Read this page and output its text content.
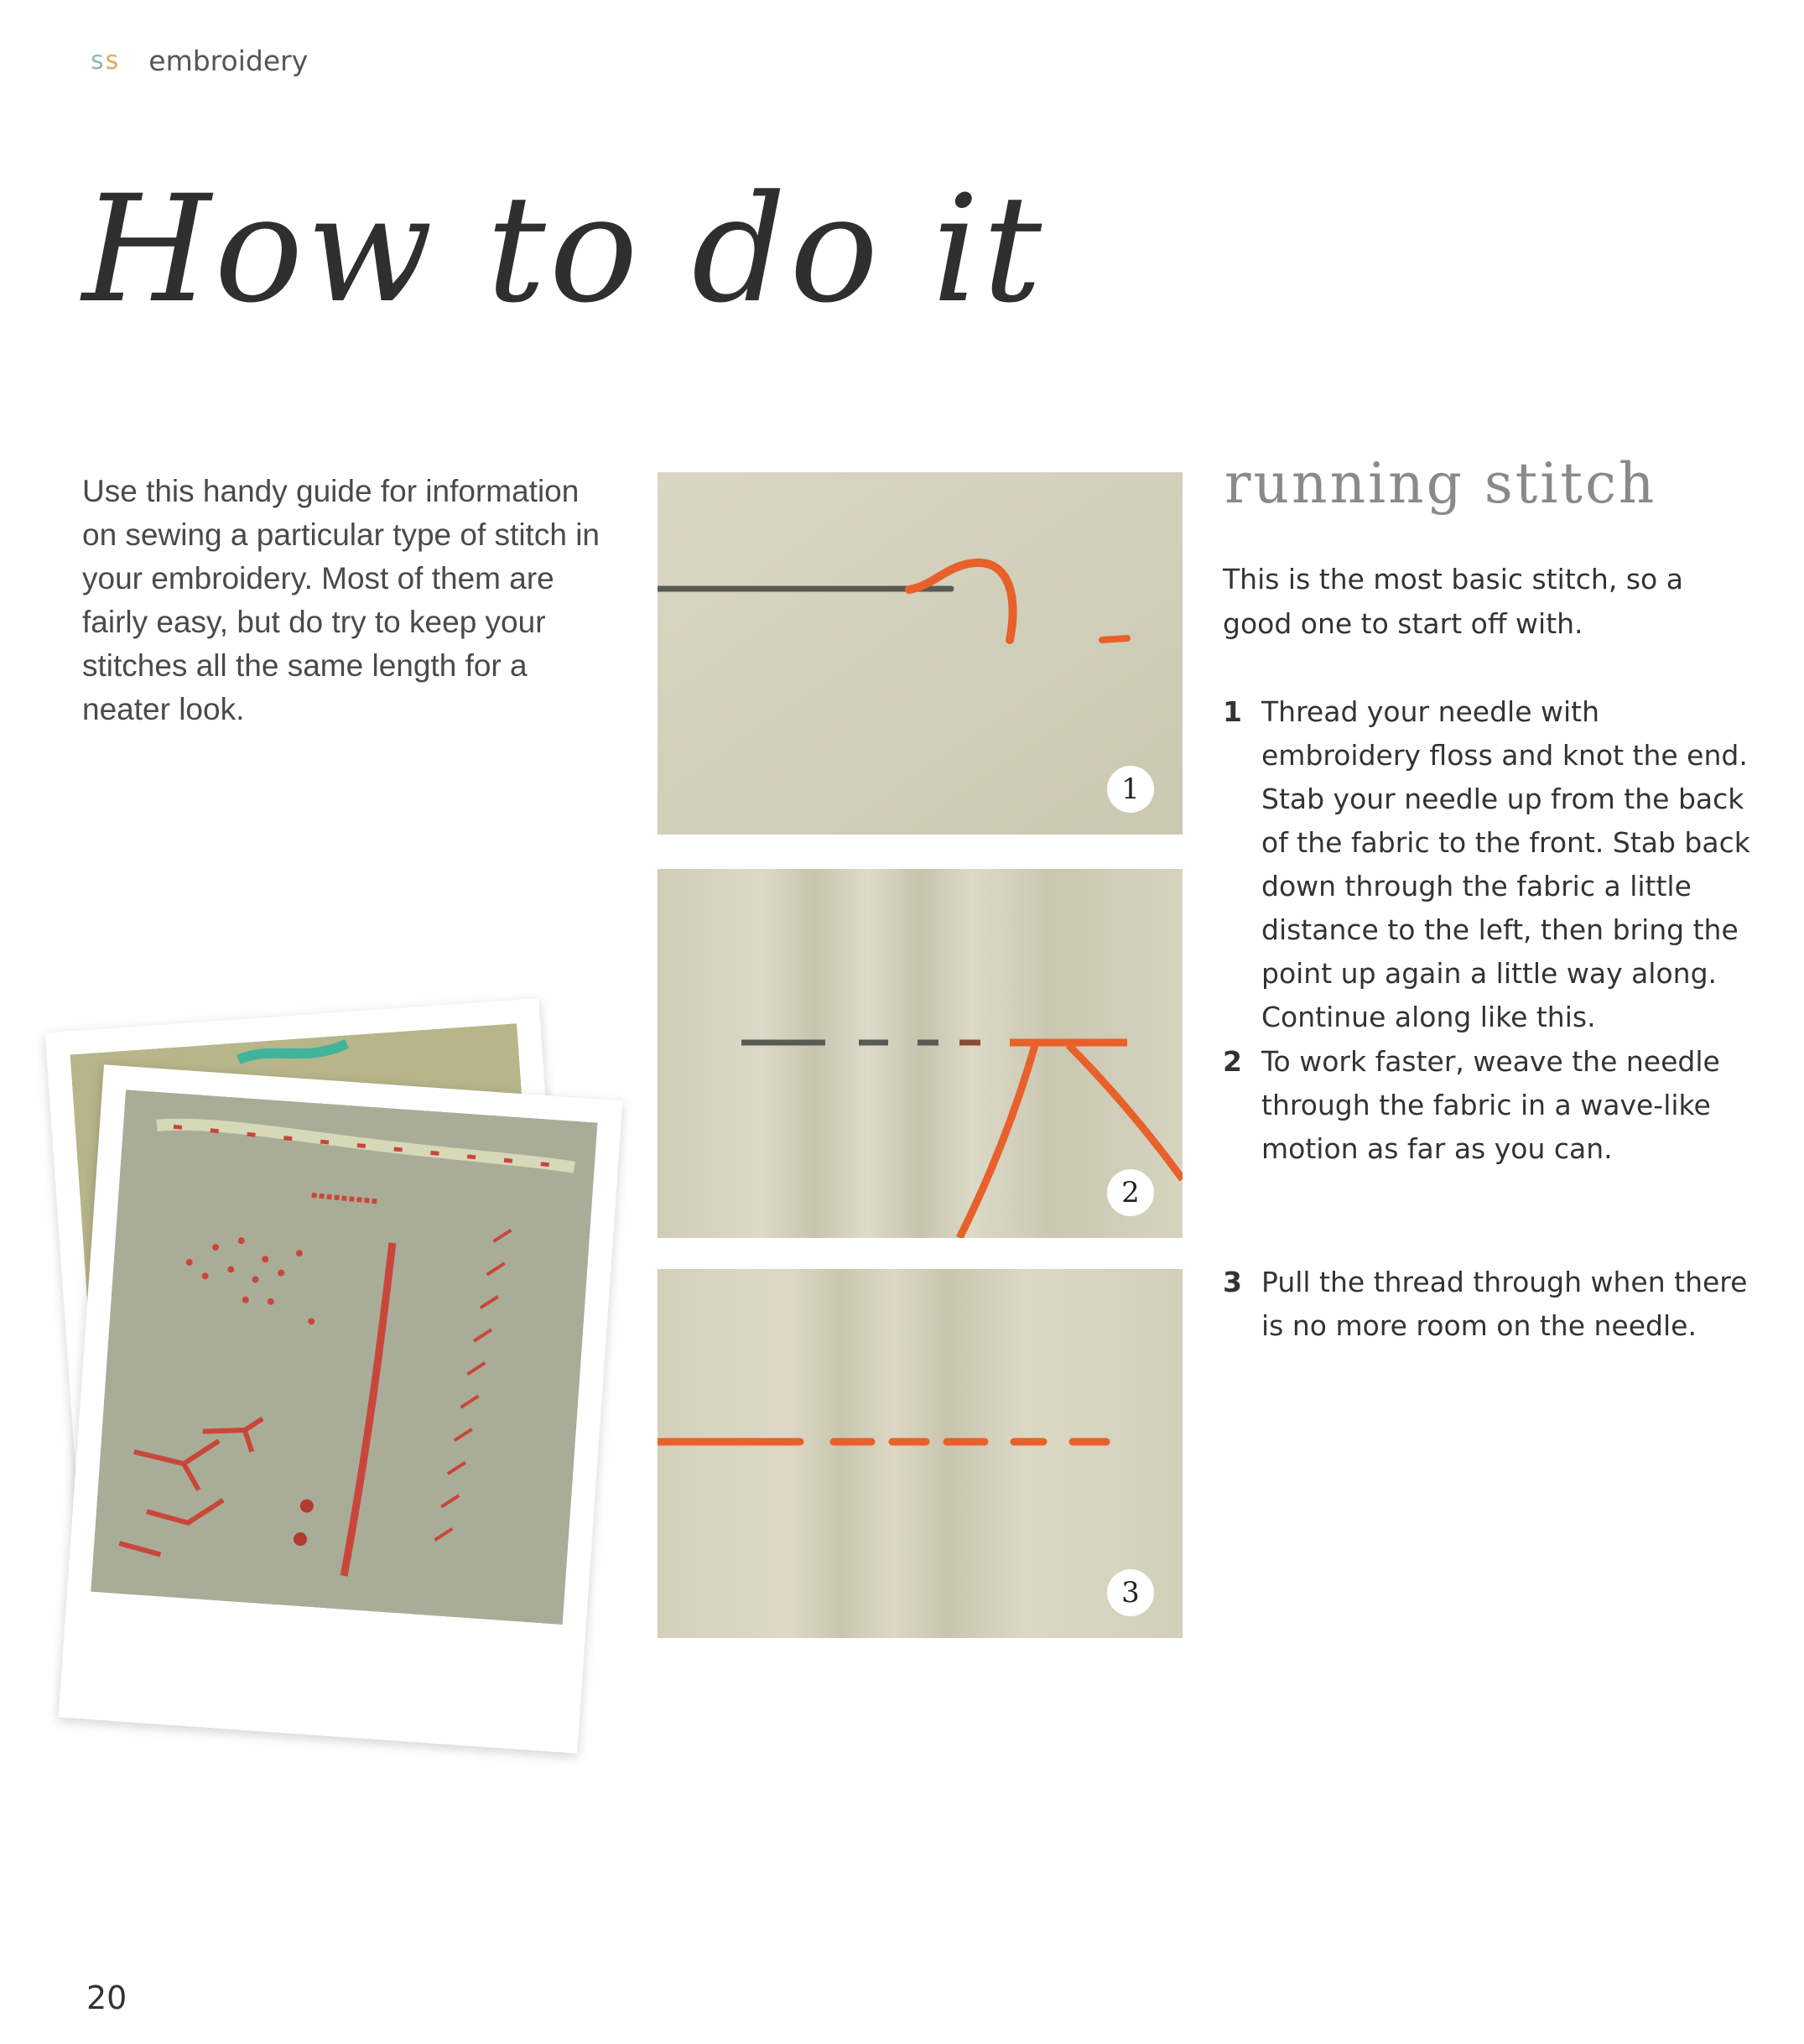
ss embroidery
How to do it
Use this handy guide for information on sewing a particular type of stitch in your embroidery. Most of them are fairly easy, but do try to keep your stitches all the same length for a neater look.
1
2
3
running stitch
This is the most basic stitch, so a good one to start off with.
1 Thread your needle with embroidery floss and knot the end. Stab your needle up from the back of the fabric to the front. Stab back down through the fabric a little distance to the left, then bring the point up again a little way along. Continue along like this.
2 To work faster, weave the needle through the fabric in a wave-like motion as far as you can.
3 Pull the thread through when there is no more room on the needle.
20
